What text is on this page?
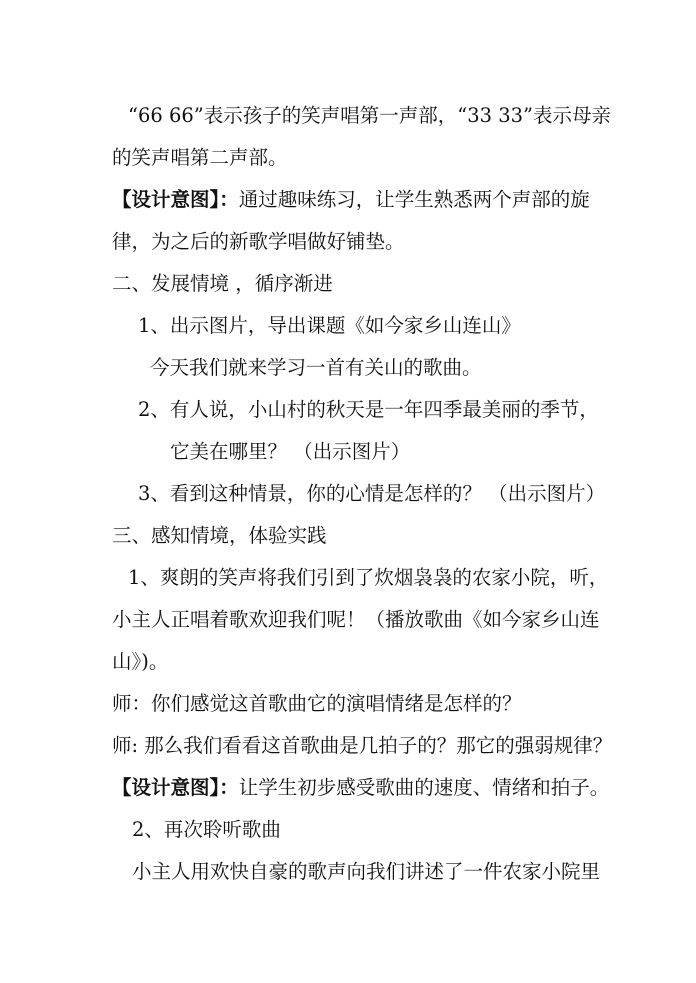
“66 66”表示孩子的笑声唱第一声部，“33 33”表示母亲
的笑声唱第二声部。
【设计意图】：通过趣味练习，让学生熟悉两个声部的旋
律，为之后的新歌学唱做好铺垫。
二、发展情境 ，循序渐进
1、出示图片，导出课题《如今家乡山连山》
今天我们就来学习一首有关山的歌曲。
2、有人说，小山村的秋天是一年四季最美丽的季节，
它美在哪里？ （出示图片）
3、看到这种情景，你的心情是怎样的？ （出示图片）
三、感知情境，体验实践
1、爽朗的笑声将我们引到了炊烟袅袅的农家小院，听，
小主人正唱着歌欢迎我们呢！（播放歌曲《如今家乡山连
山》)。
师：你们感觉这首歌曲它的演唱情绪是怎样的？
师: 那么我们看看这首歌曲是几拍子的？那它的强弱规律？
【设计意图】：让学生初步感受歌曲的速度、情绪和拍子。
2、再次聆听歌曲
小主人用欢快自豪的歌声向我们讲述了一件农家小院里
